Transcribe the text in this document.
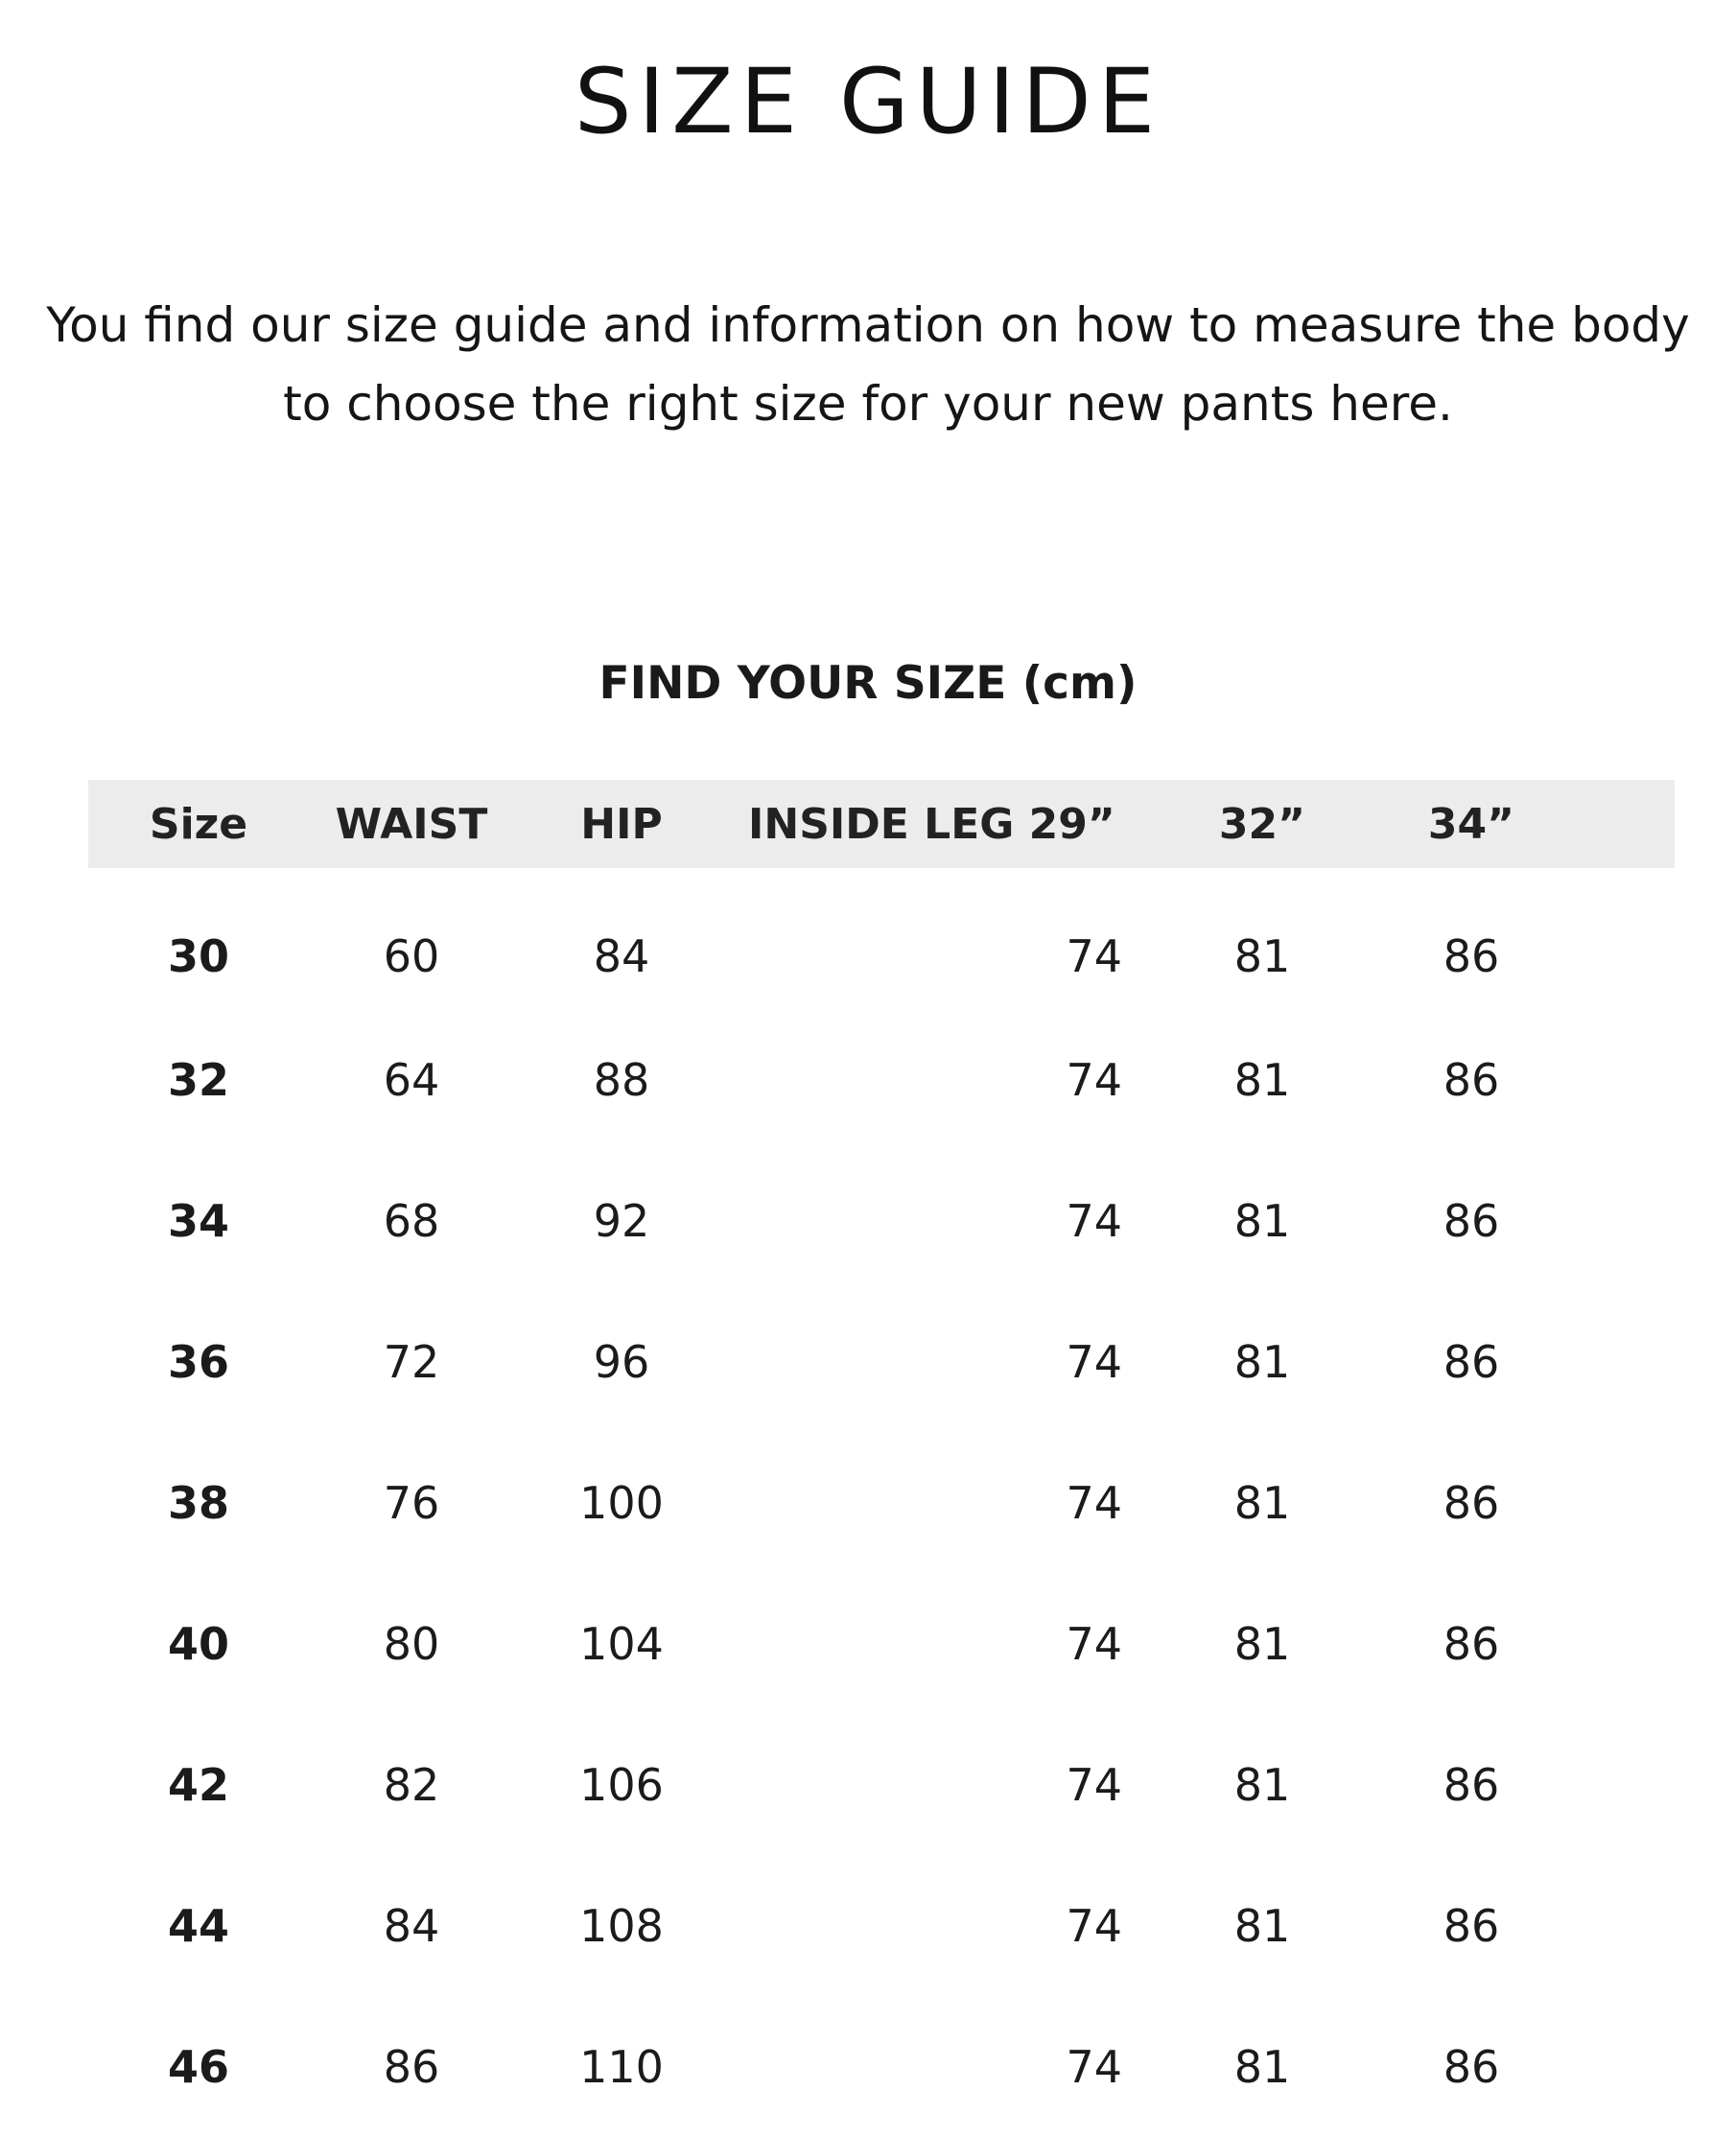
SIZE GUIDE

You find our size guide and information on how to measure the body to choose the right size for your new pants here.

FIND YOUR SIZE (cm)
Size	WAIST	HIP	INSIDE LEG 29”	32”	34”	
30	60	84	74	81	86	
32	64	88	74	81	86	
34	68	92	74	81	86	
36	72	96	74	81	86	
38	76	100	74	81	86	
40	80	104	74	81	86	
42	82	106	74	81	86	
44	84	108	74	81	86	
46	86	110	74	81	86	
